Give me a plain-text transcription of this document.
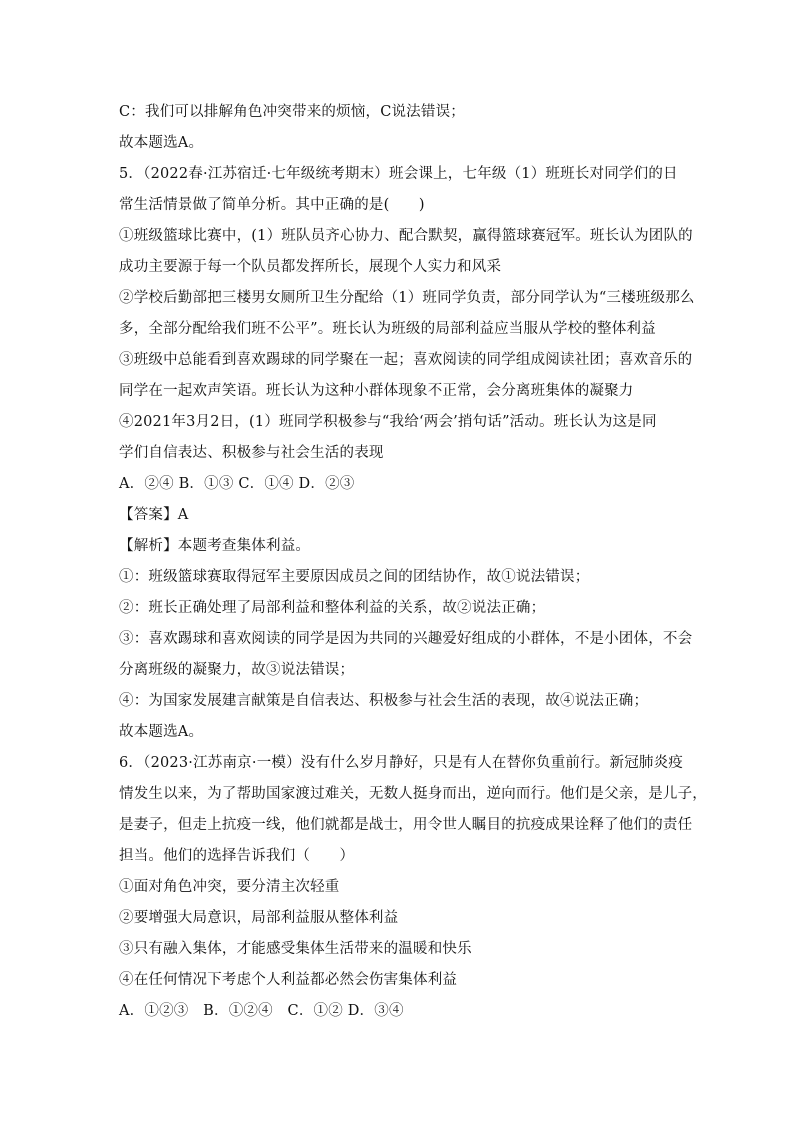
C：我们可以排解角色冲突带来的烦恼，C说法错误；
故本题选A。
5．（2022春·江苏宿迁·七年级统考期末）班会课上，七年级（1）班班长对同学们的日
常生活情景做了简单分析。其中正确的是(　　)
①班级篮球比赛中，(1）班队员齐心协力、配合默契，赢得篮球赛冠军。班长认为团队的
成功主要源于每一个队员都发挥所长，展现个人实力和风采
②学校后勤部把三楼男女厕所卫生分配给（1）班同学负责，部分同学认为“三楼班级那么
多，全部分配给我们班不公平”。班长认为班级的局部利益应当服从学校的整体利益
③班级中总能看到喜欢踢球的同学聚在一起；喜欢阅读的同学组成阅读社团；喜欢音乐的
同学在一起欢声笑语。班长认为这种小群体现象不正常，会分离班集体的凝聚力
④2021年3月2日，(1）班同学积极参与“我给‘两会’捎句话”活动。班长认为这是同
学们自信表达、积极参与社会生活的表现
A．②④ B．①③ C．①④ D．②③
【答案】A
【解析】本题考查集体利益。
①：班级篮球赛取得冠军主要原因成员之间的团结协作，故①说法错误；
②：班长正确处理了局部利益和整体利益的关系，故②说法正确；
③：喜欢踢球和喜欢阅读的同学是因为共同的兴趣爱好组成的小群体，不是小团体，不会
分离班级的凝聚力，故③说法错误；
④：为国家发展建言献策是自信表达、积极参与社会生活的表现，故④说法正确；
故本题选A。
6．（2023·江苏南京·一模）没有什么岁月静好，只是有人在替你负重前行。新冠肺炎疫
情发生以来，为了帮助国家渡过难关，无数人挺身而出，逆向而行。他们是父亲，是儿子，
是妻子，但走上抗疫一线，他们就都是战士，用令世人瞩目的抗疫成果诠释了他们的责任
担当。他们的选择告诉我们（　　）
①面对角色冲突，要分清主次轻重
②要增强大局意识，局部利益服从整体利益
③只有融入集体，才能感受集体生活带来的温暖和快乐
④在任何情况下考虑个人利益都必然会伤害集体利益
A．①②③　B．①②④　C．①② D．③④
